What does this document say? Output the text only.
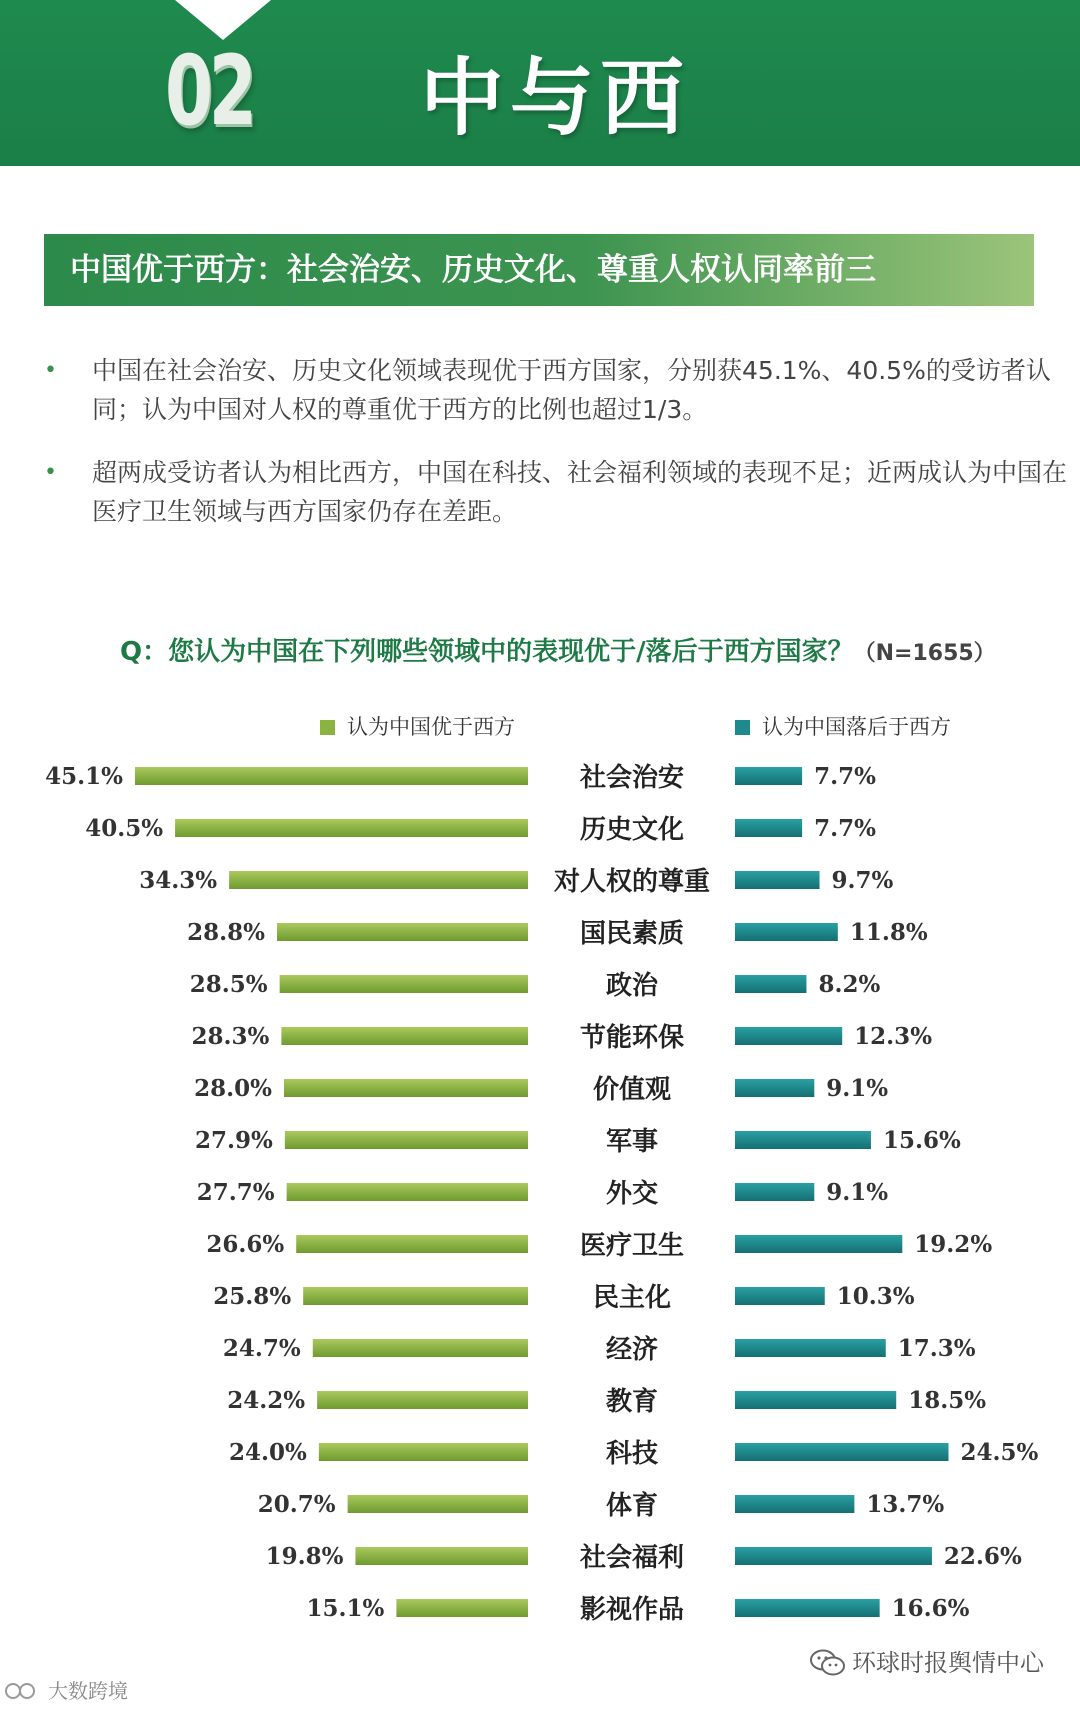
02 中与西
中国优于西方：社会治安、历史文化、尊重人权认同率前三
• 中国在社会治安、历史文化领域表现优于西方国家，分别获45.1%、40.5%的受访者认同；认为中国对人权的尊重优于西方的比例也超过1/3。
• 超两成受访者认为相比西方，中国在科技、社会福利领域的表现不足；近两成认为中国在医疗卫生领域与西方国家仍存在差距。
Q：您认为中国在下列哪些领域中的表现优于/落后于西方国家？（N=1655）
认为中国优于西方	认为中国落后于西方
45.1%	社会治安	7.7%
40.5%	历史文化	7.7%
34.3%	对人权的尊重	9.7%
28.8%	国民素质	11.8%
28.5%	政治	8.2%
28.3%	节能环保	12.3%
28.0%	价值观	9.1%
27.9%	军事	15.6%
27.7%	外交	9.1%
26.6%	医疗卫生	19.2%
25.8%	民主化	10.3%
24.7%	经济	17.3%
24.2%	教育	18.5%
24.0%	科技	24.5%
20.7%	体育	13.7%
19.8%	社会福利	22.6%
15.1%	影视作品	16.6%
环球时报舆情中心
大数跨境
